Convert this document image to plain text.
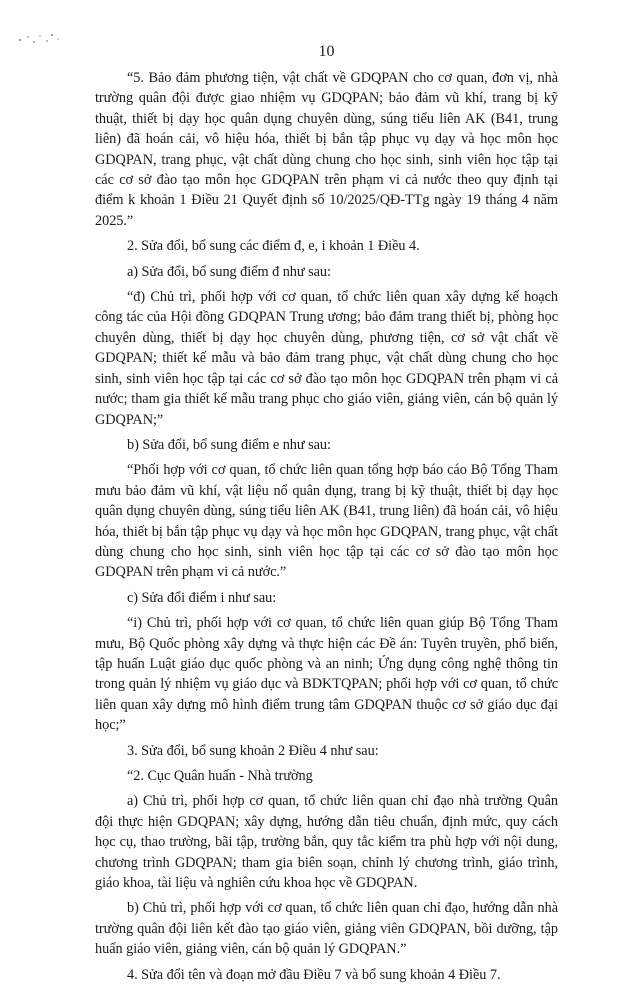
10

“5. Bảo đảm phương tiện, vật chất về GDQPAN cho cơ quan, đơn vị, nhà trường quân đội được giao nhiệm vụ GDQPAN; bảo đảm vũ khí, trang bị kỹ thuật, thiết bị dạy học quân dụng chuyên dùng, súng tiểu liên AK (B41, trung liên) đã hoán cải, vô hiệu hóa, thiết bị bắn tập phục vụ dạy và học môn học GDQPAN, trang phục, vật chất dùng chung cho học sinh, sinh viên học tập tại các cơ sở đào tạo môn học GDQPAN trên phạm vi cả nước theo quy định tại điểm k khoản 1 Điều 21 Quyết định số 10/2025/QĐ-TTg ngày 19 tháng 4 năm 2025.”

2. Sửa đổi, bổ sung các điểm đ, e, i khoản 1 Điều 4.

a) Sửa đổi, bổ sung điểm đ như sau:

“đ) Chủ trì, phối hợp với cơ quan, tổ chức liên quan xây dựng kế hoạch công tác của Hội đồng GDQPAN Trung ương; bảo đảm trang thiết bị, phòng học chuyên dùng, thiết bị dạy học chuyên dùng, phương tiện, cơ sở vật chất về GDQPAN; thiết kế mẫu và bảo đảm trang phục, vật chất dùng chung cho học sinh, sinh viên học tập tại các cơ sở đào tạo môn học GDQPAN trên phạm vi cả nước; tham gia thiết kế mẫu trang phục cho giáo viên, giảng viên, cán bộ quản lý GDQPAN;”

b) Sửa đổi, bổ sung điểm e như sau:

“Phối hợp với cơ quan, tổ chức liên quan tổng hợp báo cáo Bộ Tổng Tham mưu bảo đảm vũ khí, vật liệu nổ quân dụng, trang bị kỹ thuật, thiết bị dạy học quân dụng chuyên dùng, súng tiểu liên AK (B41, trung liên) đã hoán cải, vô hiệu hóa, thiết bị bắn tập phục vụ dạy và học môn học GDQPAN, trang phục, vật chất dùng chung cho học sinh, sinh viên học tập tại các cơ sở đào tạo môn học GDQPAN trên phạm vi cả nước.”

c) Sửa đổi điểm i như sau:

“i) Chủ trì, phối hợp với cơ quan, tổ chức liên quan giúp Bộ Tổng Tham mưu, Bộ Quốc phòng xây dựng và thực hiện các Đề án: Tuyên truyền, phổ biến, tập huấn Luật giáo dục quốc phòng và an ninh; Ứng dụng công nghệ thông tin trong quản lý nhiệm vụ giáo dục và BDKTQPAN; phối hợp với cơ quan, tổ chức liên quan xây dựng mô hình điểm trung tâm GDQPAN thuộc cơ sở giáo dục đại học;”

3. Sửa đổi, bổ sung khoản 2 Điều 4 như sau:

“2. Cục Quân huấn - Nhà trường

a) Chủ trì, phối hợp cơ quan, tổ chức liên quan chỉ đạo nhà trường Quân đội thực hiện GDQPAN; xây dựng, hướng dẫn tiêu chuẩn, định mức, quy cách học cụ, thao trường, bãi tập, trường bắn, quy tắc kiểm tra phù hợp với nội dung, chương trình GDQPAN; tham gia biên soạn, chỉnh lý chương trình, giáo trình, giáo khoa, tài liệu và nghiên cứu khoa học về GDQPAN.

b) Chủ trì, phối hợp với cơ quan, tổ chức liên quan chỉ đạo, hướng dẫn nhà trường quân đội liên kết đào tạo giáo viên, giảng viên GDQPAN, bồi dưỡng, tập huấn giáo viên, giảng viên, cán bộ quản lý GDQPAN.”

4. Sửa đổi tên và đoạn mở đầu Điều 7 và bổ sung khoản 4 Điều 7.
